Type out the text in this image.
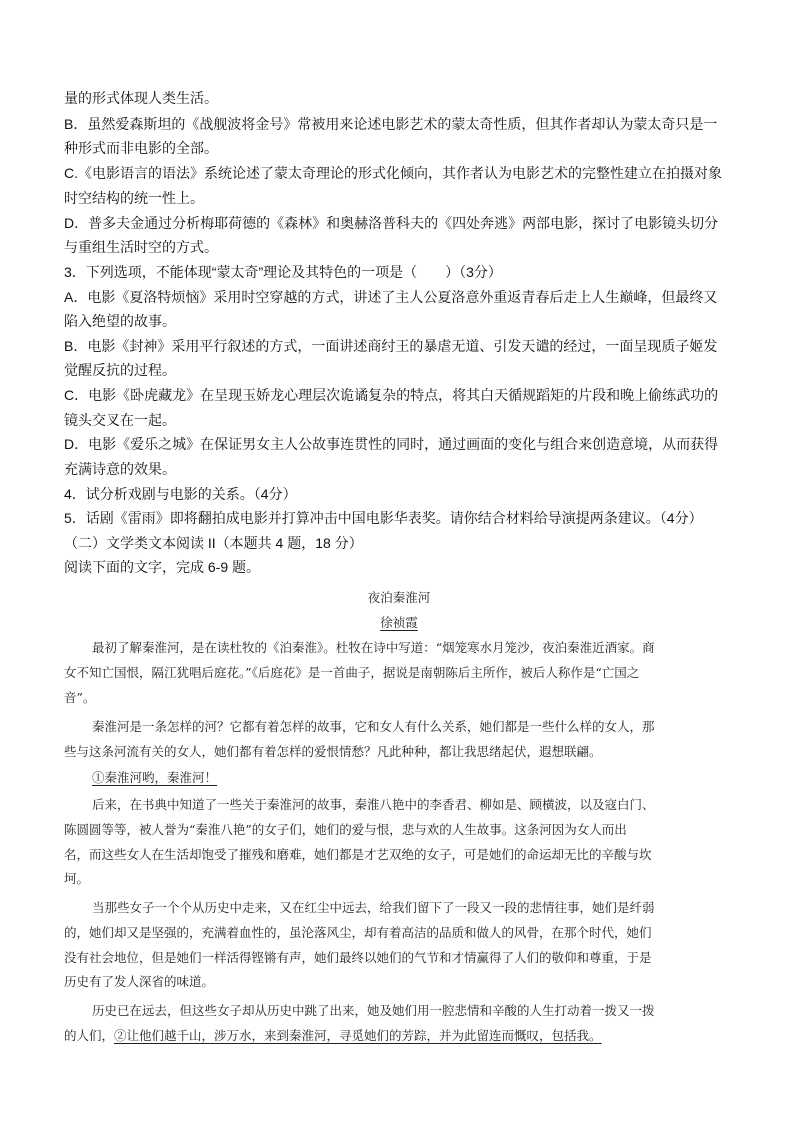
量的形式体现人类生活。

B．虽然爱森斯坦的《战舰波将金号》常被用来论述电影艺术的蒙太奇性质，但其作者却认为蒙太奇只是一

种形式而非电影的全部。

C.《电影语言的语法》系统论述了蒙太奇理论的形式化倾向，其作者认为电影艺术的完整性建立在拍摄对象

时空结构的统一性上。

D．普多夫金通过分析梅耶荷德的《森林》和奥赫洛普科夫的《四处奔逃》两部电影，探讨了电影镜头切分

与重组生活时空的方式。

3．下列选项，不能体现“蒙太奇”理论及其特色的一项是（　　）（3分）

A．电影《夏洛特烦恼》采用时空穿越的方式，讲述了主人公夏洛意外重返青春后走上人生巅峰，但最终又

陷入绝望的故事。

B．电影《封神》采用平行叙述的方式，一面讲述商纣王的暴虐无道、引发天谴的经过，一面呈现质子姬发

觉醒反抗的过程。

C．电影《卧虎藏龙》在呈现玉娇龙心理层次诡谲复杂的特点，将其白天循规蹈矩的片段和晚上偷练武功的

镜头交叉在一起。

D．电影《爱乐之城》在保证男女主人公故事连贯性的同时，通过画面的变化与组合来创造意境，从而获得

充满诗意的效果。

4．试分析戏剧与电影的关系。（4分）

5．话剧《雷雨》即将翻拍成电影并打算冲击中国电影华表奖。请你结合材料给导演提两条建议。（4分）

（二）文学类文本阅读 II（本题共 4 题，18 分）

阅读下面的文字，完成 6-9 题。

夜泊秦淮河

徐祯霞

最初了解秦淮河，是在读杜牧的《泊秦淮》。杜牧在诗中写道：“烟笼寒水月笼沙，夜泊秦淮近酒家。商

女不知亡国恨，隔江犹唱后庭花。”《后庭花》是一首曲子，据说是南朝陈后主所作，被后人称作是“亡国之

音”。

秦淮河是一条怎样的河？它都有着怎样的故事，它和女人有什么关系，她们都是一些什么样的女人，那

些与这条河流有关的女人，她们都有着怎样的爱恨情愁？凡此种种，都让我思绪起伏，遐想联翩。

①秦淮河哟，秦淮河！

后来，在书典中知道了一些关于秦淮河的故事，秦淮八艳中的李香君、柳如是、顾横波，以及寇白门、

陈圆圆等等，被人誉为“秦淮八艳”的女子们，她们的爱与恨，悲与欢的人生故事。这条河因为女人而出

名，而这些女人在生活却饱受了摧残和磨难，她们都是才艺双绝的女子，可是她们的命运却无比的辛酸与坎

坷。

当那些女子一个个从历史中走来，又在红尘中远去，给我们留下了一段又一段的悲情往事，她们是纤弱

的，她们却又是坚强的，充满着血性的，虽沦落风尘，却有着高洁的品质和做人的风骨，在那个时代，她们

没有社会地位，但是她们一样活得铿锵有声，她们最终以她们的气节和才情赢得了人们的敬仰和尊重，于是

历史有了发人深省的味道。

历史已在远去，但这些女子却从历史中跳了出来，她及她们用一腔悲情和辛酸的人生打动着一拨又一拨

的人们，②让他们越千山，涉万水，来到秦淮河，寻觅她们的芳踪，并为此留连而慨叹，包括我。
